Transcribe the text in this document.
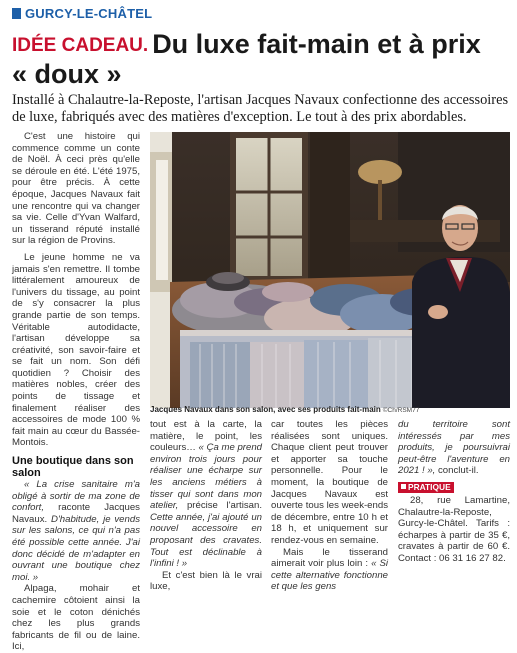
GURCY-LE-CHÂTEL
IDÉE CADEAU. Du luxe fait-main et à prix
« doux »

Installé à Chalautre-la-Reposte, l'artisan Jacques Navaux confectionne des accessoires de luxe, fabriqués avec des matières d'exception. Le tout à des prix abordables.

C'est une histoire qui commence comme un conte de Noël. À ceci près qu'elle se déroule en été. L'été 1975, pour être précis. À cette époque, Jacques Navaux fait une rencontre qui va changer sa vie. Celle d'Yvan Walfard, un tisserand réputé installé sur la région de Provins.

Le jeune homme ne va jamais s'en remettre. Il tombe littéralement amoureux de l'univers du tissage, au point de s'y consacrer la plus grande partie de son temps. Véritable autodidacte, l'artisan développe sa créativité, son savoir-faire et se fait un nom. Son défi quotidien ? Choisir des matières nobles, créer des points de tissage et finalement réaliser des accessoires de mode 100 % fait main au cœur du Bassée-Montois.

Une boutique dans son salon

« La crise sanitaire m'a obligé à sortir de ma zone de confort, raconte Jacques Navaux. D'habitude, je vends sur les salons, ce qui n'a pas été possible cette année. J'ai donc décidé de m'adapter en ouvrant une boutique chez moi. »

Alpaga, mohair et cachemire côtoient ainsi la soie et le coton dénichés chez les plus grands fabricants de fil ou de laine. Ici,

Jacques Navaux dans son salon, avec ses produits fait-main ©Ch/RSM77

tout est à la carte, la matière, le point, les couleurs… « Ça me prend environ trois jours pour réaliser une écharpe sur les anciens métiers à tisser qui sont dans mon atelier, précise l'artisan. Cette année, j'ai ajouté un nouvel accessoire en proposant des cravates. Tout est déclinable à l'infini ! »

Et c'est bien là le vrai luxe,

car toutes les pièces réalisées sont uniques. Chaque client peut trouver et apporter sa touche personnelle. Pour le moment, la boutique de Jacques Navaux est ouverte tous les week-ends de décembre, entre 10 h et 18 h, et uniquement sur rendez-vous en semaine.

Mais le tisserand aimerait voir plus loin : « Si cette alternative fonctionne et que les gens

du territoire sont intéressés par mes produits, je poursuivrai peut-être l'aventure en 2021 ! », conclut-il.

PRATIQUE

28, rue Lamartine, Chalautre-la-Reposte, Gurcy-le-Châtel. Tarifs : écharpes à partir de 35 €, cravates à partir de 60 €. Contact : 06 31 16 27 82.
